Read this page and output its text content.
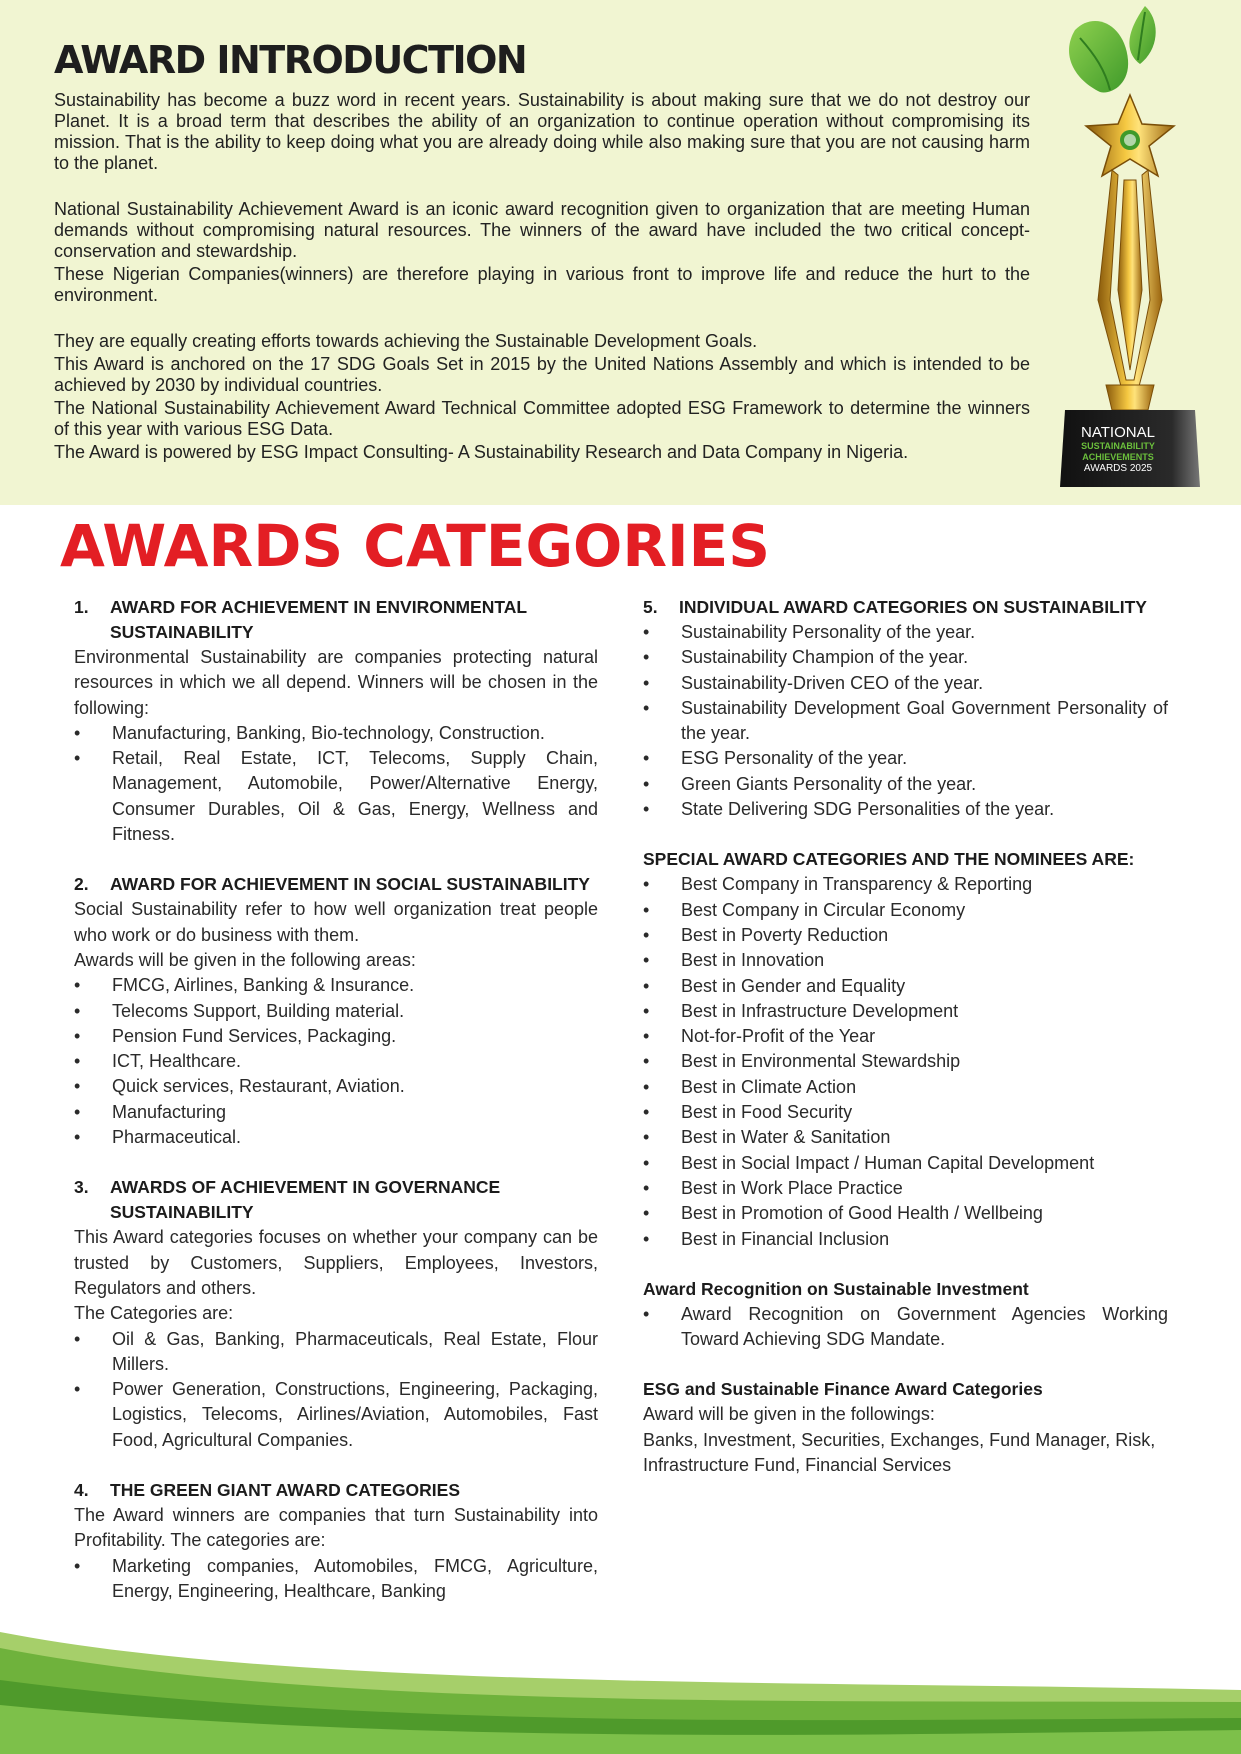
AWARD INTRODUCTION

Sustainability has become a buzz word in recent years. Sustainability is about making sure that we do not destroy our Planet. It is a broad term that describes the ability of an organization to continue operation without compromising its mission. That is the ability to keep doing what you are already doing while also making sure that you are not causing harm to the planet.

National Sustainability Achievement Award is an iconic award recognition given to organization that are meeting Human demands without compromising natural resources. The winners of the award have included the two critical concept- conservation and stewardship.

These Nigerian Companies(winners) are therefore playing in various front to improve life and reduce the hurt to the environment.

They are equally creating efforts towards achieving the Sustainable Development Goals.

This Award is anchored on the 17 SDG Goals Set in 2015 by the United Nations Assembly and which is intended to be achieved by 2030 by individual countries.

The National Sustainability Achievement Award Technical Committee adopted ESG Framework to determine the winners of this year with various ESG Data.

The Award is powered by ESG Impact Consulting- A Sustainability Research and Data Company in Nigeria.

NATIONAL
SUSTAINABILITY
ACHIEVEMENTS
AWARDS 2025
AWARDS CATEGORIES
1.	AWARD FOR ACHIEVEMENT IN ENVIRONMENTAL SUSTAINABILITY

Environmental Sustainability are companies protecting natural resources in which we all depend. Winners will be chosen in the following:

• Manufacturing, Banking, Bio-technology, Construction.
• Retail, Real Estate, ICT, Telecoms, Supply Chain, Management, Automobile, Power/Alternative Energy, Consumer Durables, Oil & Gas, Energy, Wellness and Fitness.
2.	AWARD FOR ACHIEVEMENT IN SOCIAL SUSTAINABILITY

Social Sustainability refer to how well organization treat people who work or do business with them.

Awards will be given in the following areas:

• FMCG, Airlines, Banking & Insurance.
• Telecoms Support, Building material.
• Pension Fund Services, Packaging.
• ICT, Healthcare.
• Quick services, Restaurant, Aviation.
• Manufacturing
• Pharmaceutical.
3.	AWARDS OF ACHIEVEMENT IN GOVERNANCE SUSTAINABILITY

This Award categories focuses on whether your company can be trusted by Customers, Suppliers, Employees, Investors, Regulators and others.

The Categories are:

• Oil & Gas, Banking, Pharmaceuticals, Real Estate, Flour Millers.
• Power Generation, Constructions, Engineering, Packaging, Logistics, Telecoms, Airlines/Aviation, Automobiles, Fast Food, Agricultural Companies.
4.	THE GREEN GIANT AWARD CATEGORIES

The Award winners are companies that turn Sustainability into Profitability. The categories are:

• Marketing companies, Automobiles, FMCG, Agriculture, Energy, Engineering, Healthcare, Banking
5.	INDIVIDUAL AWARD CATEGORIES ON SUSTAINABILITY
• Sustainability Personality of the year.
• Sustainability Champion of the year.
• Sustainability-Driven CEO of the year.
• Sustainability Development Goal Government Personality of the year.
• ESG Personality of the year.
• Green Giants Personality of the year.
• State Delivering SDG Personalities of the year.

SPECIAL AWARD CATEGORIES AND THE NOMINEES ARE:

• Best Company in Transparency & Reporting
• Best Company in Circular Economy
• Best in Poverty Reduction
• Best in Innovation
• Best in Gender and Equality
• Best in Infrastructure Development
• Not-for-Profit of the Year
• Best in Environmental Stewardship
• Best in Climate Action
• Best in Food Security
• Best in Water & Sanitation
• Best in Social Impact / Human Capital Development
• Best in Work Place Practice
• Best in Promotion of Good Health / Wellbeing
• Best in Financial Inclusion

Award Recognition on Sustainable Investment

• Award Recognition on Government Agencies Working Toward Achieving SDG Mandate.

ESG and Sustainable Finance Award Categories

Award will be given in the followings:

Banks, Investment, Securities, Exchanges, Fund Manager, Risk, Infrastructure Fund, Financial Services
